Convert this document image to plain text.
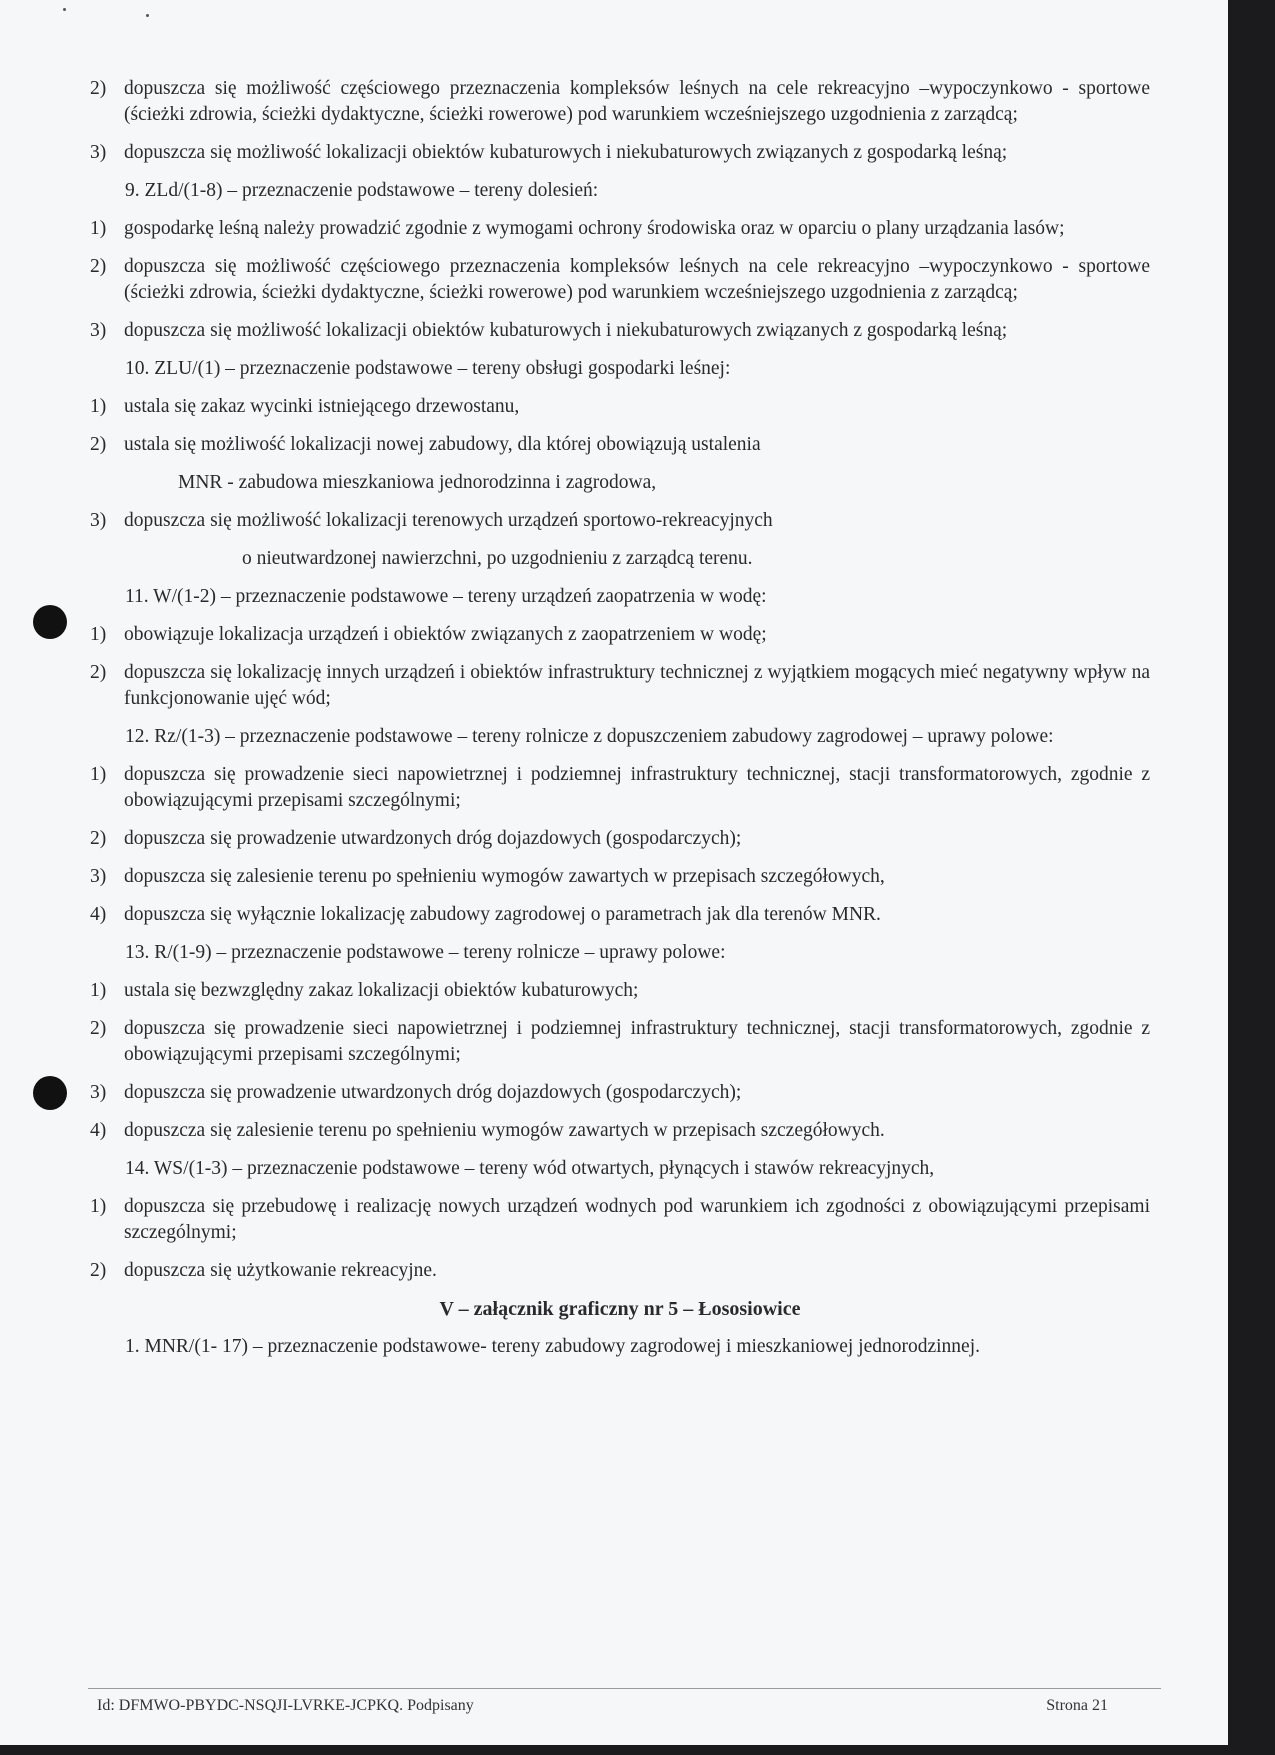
2) dopuszcza się możliwość częściowego przeznaczenia kompleksów leśnych na cele rekreacyjno –wypoczynkowo - sportowe (ścieżki zdrowia, ścieżki dydaktyczne, ścieżki rowerowe) pod warunkiem wcześniejszego uzgodnienia z zarządcą;
3) dopuszcza się możliwość lokalizacji obiektów kubaturowych i niekubaturowych związanych z gospodarką leśną;
9. ZLd/(1-8) – przeznaczenie podstawowe – tereny dolesień:
1) gospodarkę leśną należy prowadzić zgodnie z wymogami ochrony środowiska oraz w oparciu o plany urządzania lasów;
2) dopuszcza się możliwość częściowego przeznaczenia kompleksów leśnych na cele rekreacyjno –wypoczynkowo - sportowe (ścieżki zdrowia, ścieżki dydaktyczne, ścieżki rowerowe) pod warunkiem wcześniejszego uzgodnienia z zarządcą;
3) dopuszcza się możliwość lokalizacji obiektów kubaturowych i niekubaturowych związanych z gospodarką leśną;
10. ZLU/(1) – przeznaczenie podstawowe – tereny obsługi gospodarki leśnej:
1) ustala się zakaz wycinki istniejącego drzewostanu,
2) ustala się możliwość lokalizacji nowej zabudowy, dla której obowiązują ustalenia
MNR - zabudowa mieszkaniowa jednorodzinna i zagrodowa,
3) dopuszcza się możliwość lokalizacji terenowych urządzeń sportowo-rekreacyjnych
o nieutwardzonej nawierzchni, po uzgodnieniu z zarządcą terenu.
11. W/(1-2) – przeznaczenie podstawowe – tereny urządzeń zaopatrzenia w wodę:
1) obowiązuje lokalizacja urządzeń i obiektów związanych z zaopatrzeniem w wodę;
2) dopuszcza się lokalizację innych urządzeń i obiektów infrastruktury technicznej z wyjątkiem mogących mieć negatywny wpływ na funkcjonowanie ujęć wód;
12. Rz/(1-3) – przeznaczenie podstawowe – tereny rolnicze z dopuszczeniem zabudowy zagrodowej – uprawy polowe:
1) dopuszcza się prowadzenie sieci napowietrznej i podziemnej infrastruktury technicznej, stacji transformatorowych, zgodnie z obowiązującymi przepisami szczególnymi;
2) dopuszcza się prowadzenie utwardzonych dróg dojazdowych (gospodarczych);
3) dopuszcza się zalesienie terenu po spełnieniu wymogów zawartych w przepisach szczegółowych,
4) dopuszcza się wyłącznie lokalizację zabudowy zagrodowej o parametrach jak dla terenów MNR.
13. R/(1-9) – przeznaczenie podstawowe – tereny rolnicze – uprawy polowe:
1) ustala się bezwzględny zakaz lokalizacji obiektów kubaturowych;
2) dopuszcza się prowadzenie sieci napowietrznej i podziemnej infrastruktury technicznej, stacji transformatorowych, zgodnie z obowiązującymi przepisami szczególnymi;
3) dopuszcza się prowadzenie utwardzonych dróg dojazdowych (gospodarczych);
4) dopuszcza się zalesienie terenu po spełnieniu wymogów zawartych w przepisach szczegółowych.
14. WS/(1-3) – przeznaczenie podstawowe – tereny wód otwartych, płynących i stawów rekreacyjnych,
1) dopuszcza się przebudowę i realizację nowych urządzeń wodnych pod warunkiem ich zgodności z obowiązującymi przepisami szczególnymi;
2) dopuszcza się użytkowanie rekreacyjne.
V – załącznik graficzny nr 5 – Łososiowice
1. MNR/(1- 17) – przeznaczenie podstawowe- tereny zabudowy zagrodowej i mieszkaniowej jednorodzinnej.
Id: DFMWO-PBYDC-NSQJI-LVRKE-JCPKQ. Podpisany	Strona 21
